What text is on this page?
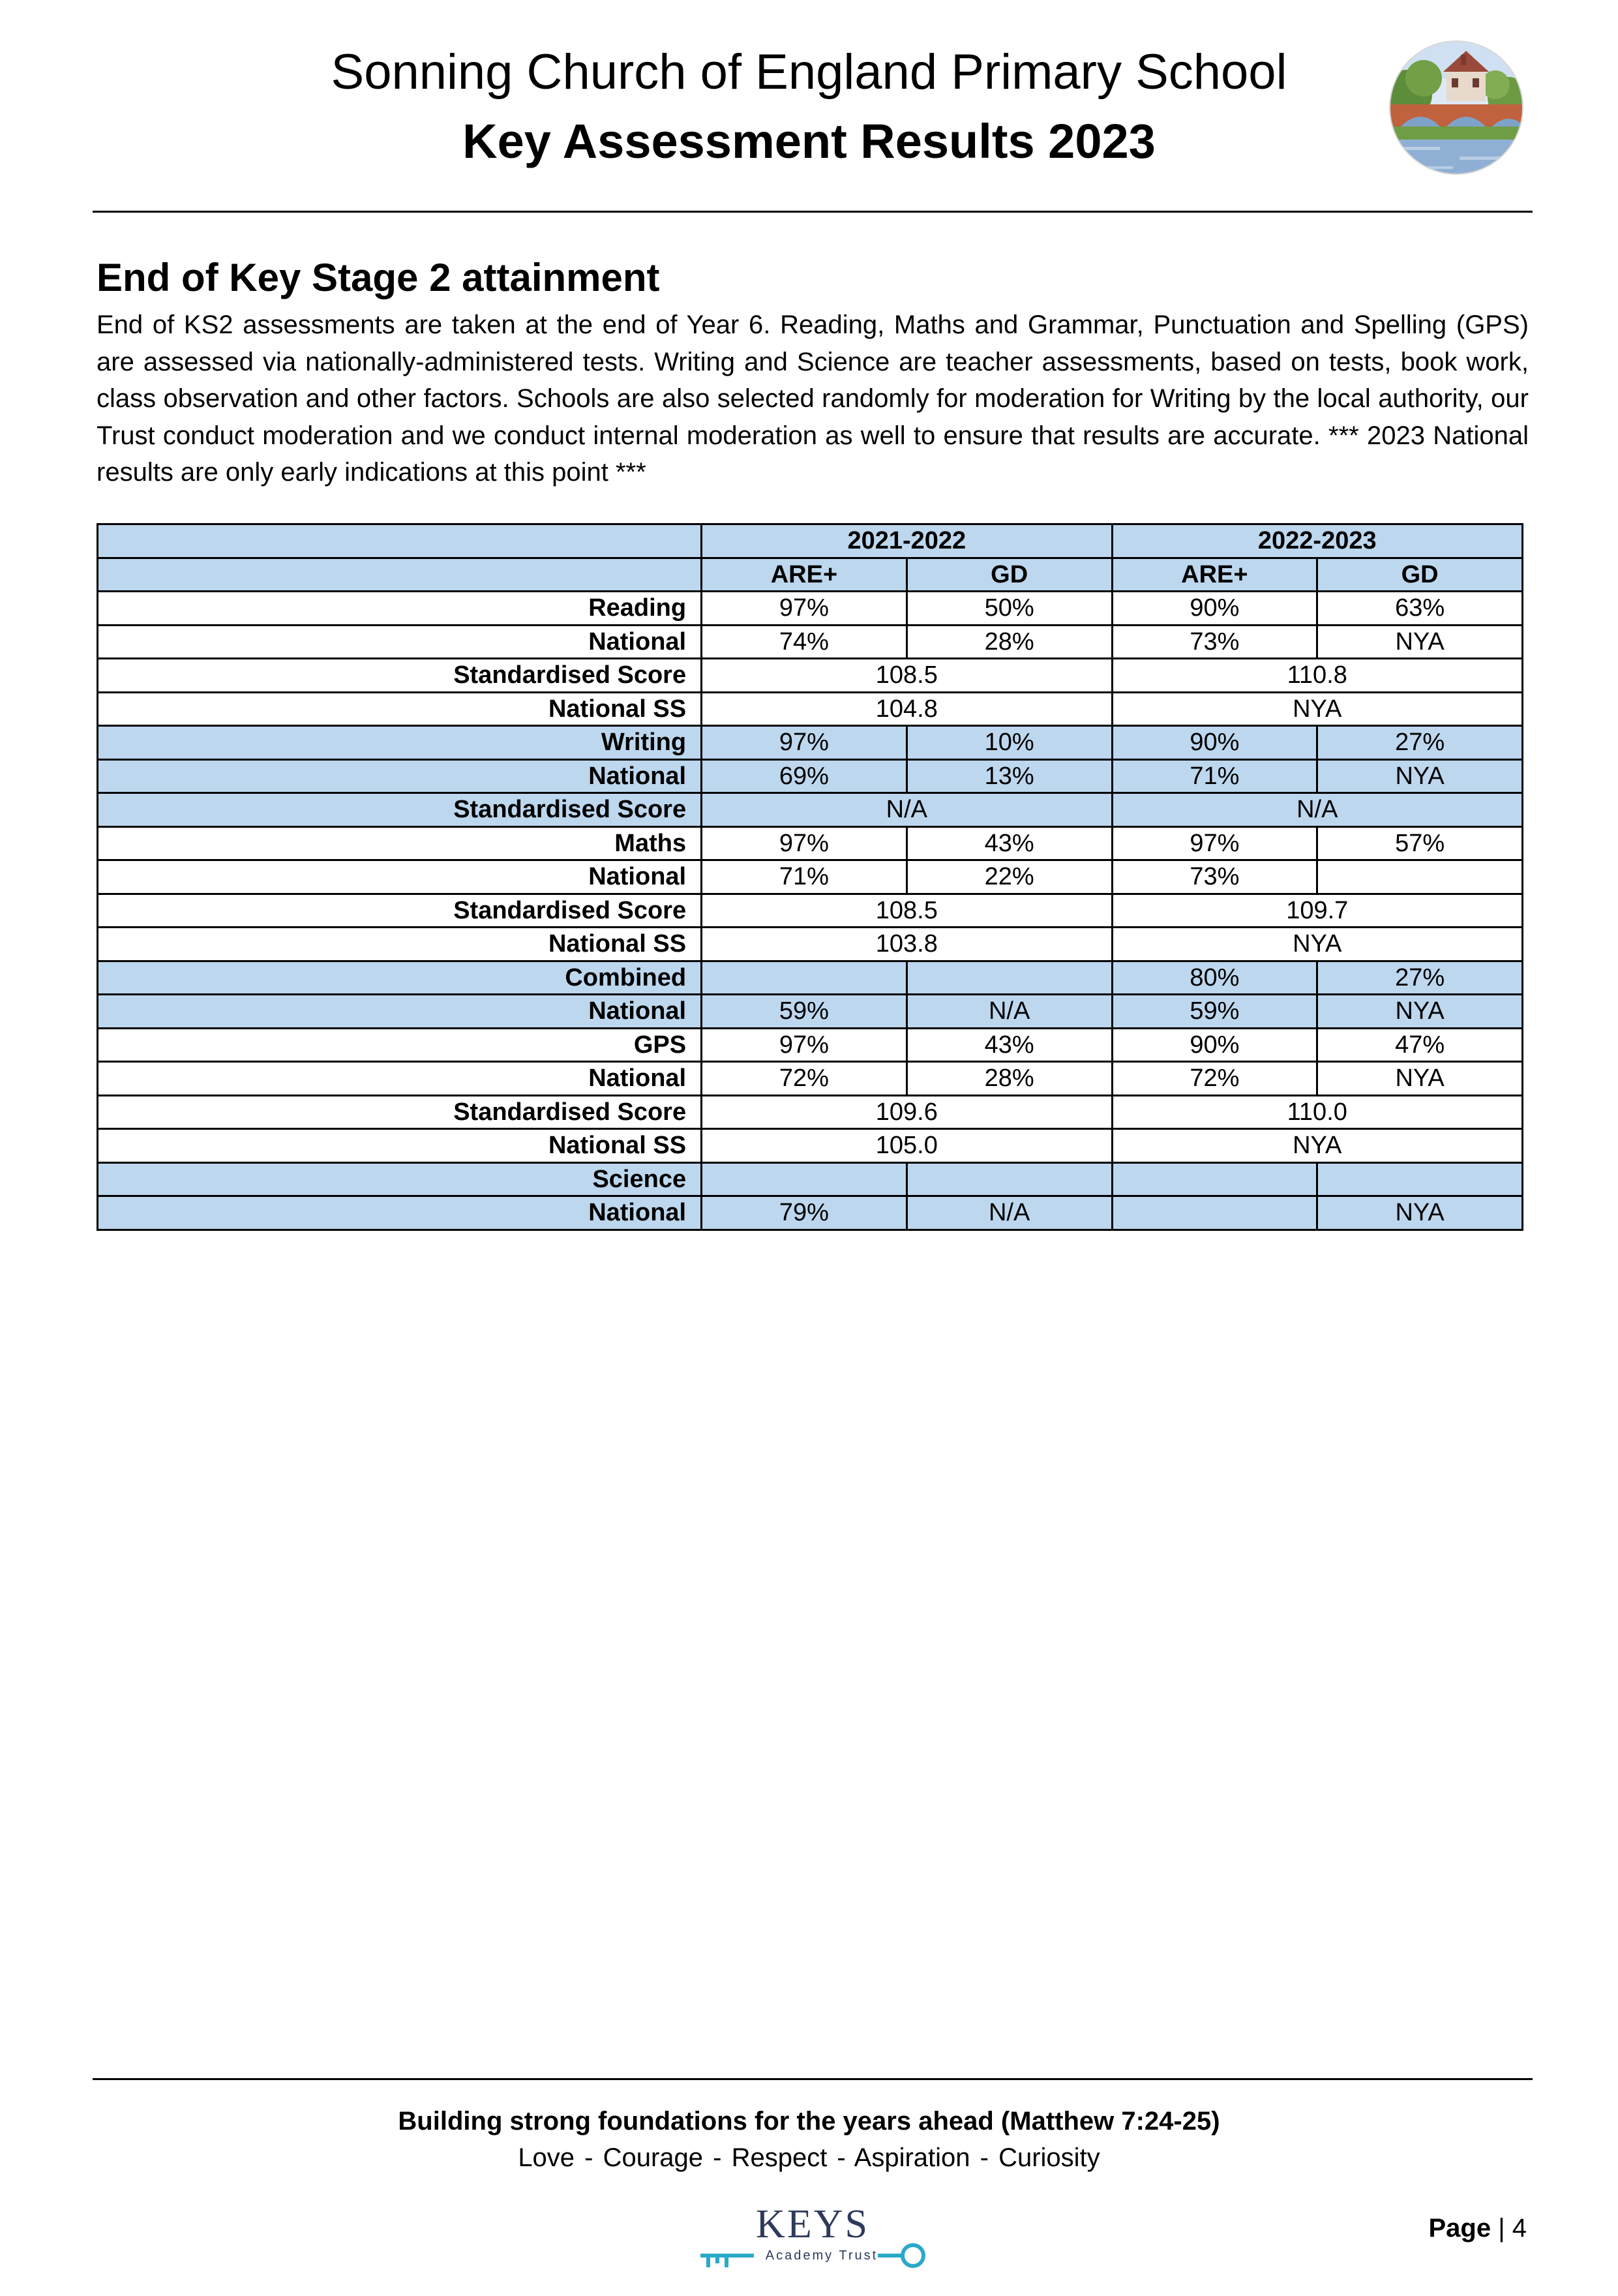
Sonning Church of England Primary School
Key Assessment Results 2023
End of Key Stage 2 attainment
End of KS2 assessments are taken at the end of Year 6. Reading, Maths and Grammar, Punctuation and Spelling (GPS) are assessed via nationally-administered tests. Writing and Science are teacher assessments, based on tests, book work, class observation and other factors. Schools are also selected randomly for moderation for Writing by the local authority, our Trust conduct moderation and we conduct internal moderation as well to ensure that results are accurate. *** 2023 National results are only early indications at this point ***
	2021-2022		2022-2023	
	ARE+	GD	ARE+	GD
Reading	97%	50%	90%	63%
National	74%	28%	73%	NYA
Standardised Score	108.5		110.8	
National SS	104.8		NYA	
Writing	97%	10%	90%	27%
National	69%	13%	71%	NYA
Standardised Score	N/A		N/A	
Maths	97%	43%	97%	57%
National	71%	22%	73%	
Standardised Score	108.5		109.7	
National SS	103.8		NYA	
Combined			80%	27%
National	59%	N/A	59%	NYA
GPS	97%	43%	90%	47%
National	72%	28%	72%	NYA
Standardised Score	109.6		110.0	
National SS	105.0		NYA	
Science				
National	79%	N/A		NYA
Building strong foundations for the years ahead (Matthew 7:24-25)
Love - Courage - Respect - Aspiration - Curiosity
KEYS
Academy Trust
Page | 4
